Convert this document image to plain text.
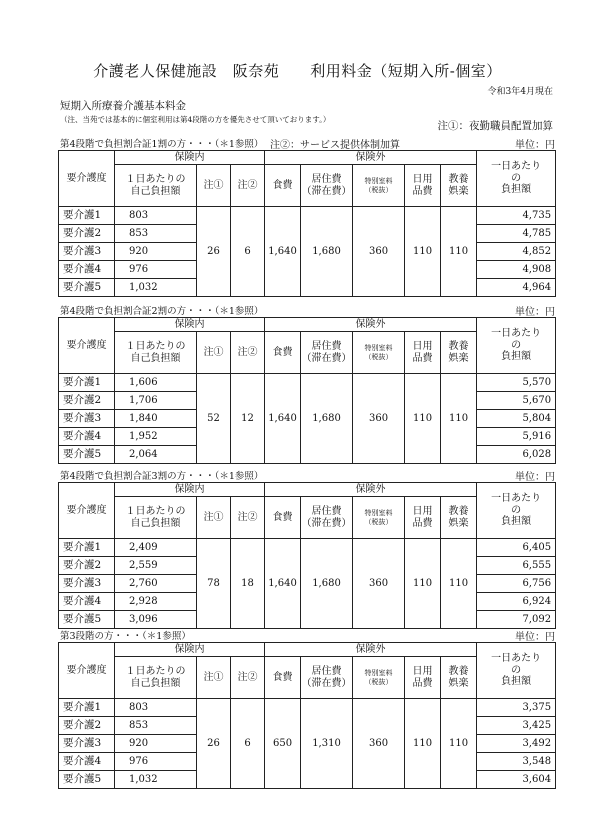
介護老人保健施設　阪奈苑　　利用料金（短期入所-個室）
令和3年4月現在
短期入所療養介護基本料金
（注、当苑では基本的に個室利用は第4段階の方を優先させて頂いております。）
注①：夜勤職員配置加算
第4段階で負担割合証1割の方・・・（＊1参照） 注②：サービス提供体制加算	単位：円
要介護度	保険内			保険外					一日あたり
の
負担額
	１日あたりの
自己負担額	注①	注②	食費	居住費
（滞在費）	特別室料
（税抜）	日用
品費	教養
娯楽	
要介護1	803	26	6	1,640	1,680	360	110	110	4,735
要介護2	853								4,785
要介護3	920								4,852
要介護4	976								4,908
要介護5	1,032								4,964
第4段階で負担割合証2割の方・・・（＊1参照）	単位：円
要介護度	保険内			保険外					一日あたり
の
負担額
	１日あたりの
自己負担額	注①	注②	食費	居住費
（滞在費）	特別室料
（税抜）	日用
品費	教養
娯楽	
要介護1	1,606	52	12	1,640	1,680	360	110	110	5,570
要介護2	1,706								5,670
要介護3	1,840								5,804
要介護4	1,952								5,916
要介護5	2,064								6,028
第4段階で負担割合証3割の方・・・（＊1参照）	単位：円
要介護度	保険内			保険外					一日あたり
の
負担額
	１日あたりの
自己負担額	注①	注②	食費	居住費
（滞在費）	特別室料
（税抜）	日用
品費	教養
娯楽	
要介護1	2,409	78	18	1,640	1,680	360	110	110	6,405
要介護2	2,559								6,555
要介護3	2,760								6,756
要介護4	2,928								6,924
要介護5	3,096								7,092
第3段階の方・・・（＊1参照）	単位：円
要介護度	保険内			保険外					一日あたり
の
負担額
	１日あたりの
自己負担額	注①	注②	食費	居住費
（滞在費）	特別室料
（税抜）	日用
品費	教養
娯楽	
要介護1	803	26	6	650	1,310	360	110	110	3,375
要介護2	853								3,425
要介護3	920								3,492
要介護4	976								3,548
要介護5	1,032								3,604
